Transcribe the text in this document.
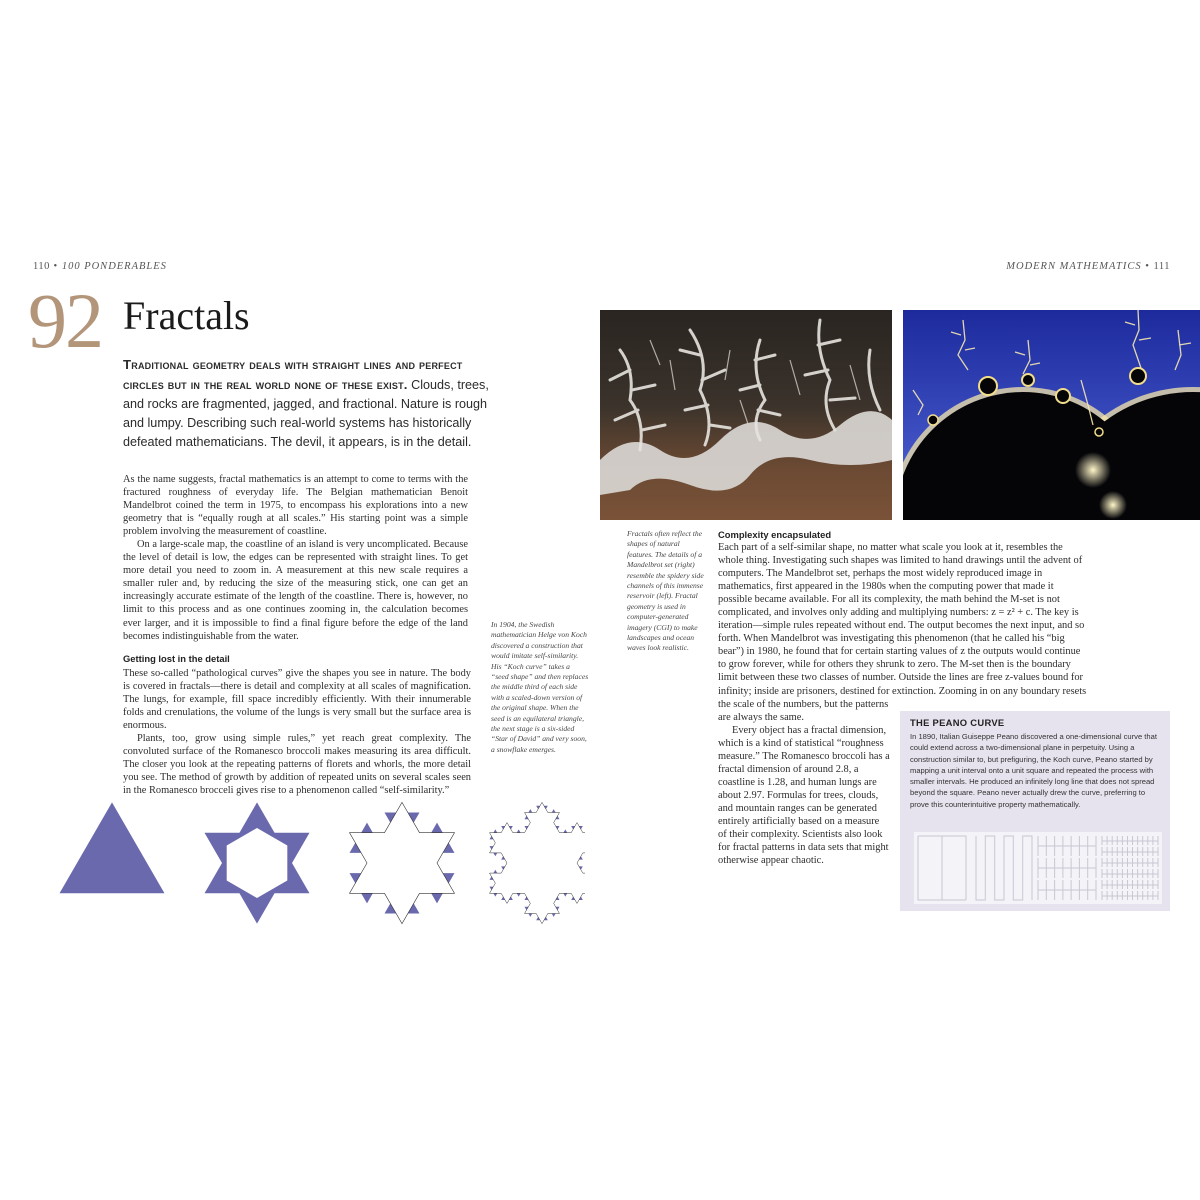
110 • 100 PONDERABLES	MODERN MATHEMATICS • 111
92 Fractals
Traditional geometry deals with straight lines and perfect circles but in the real world none of these exist. Clouds, trees, and rocks are fragmented, jagged, and fractional. Nature is rough and lumpy. Describing such real-world systems has historically defeated mathematicians. The devil, it appears, is in the detail.

As the name suggests, fractal mathematics is an attempt to come to terms with the fractured roughness of everyday life. The Belgian mathematician Benoit Mandelbrot coined the term in 1975, to encompass his explorations into a new geometry that is “equally rough at all scales.” His starting point was a simple problem involving the measurement of coastline.

On a large-scale map, the coastline of an island is very uncomplicated. Because the level of detail is low, the edges can be represented with straight lines. To get more detail you need to zoom in. A measurement at this new scale requires a smaller ruler and, by reducing the size of the measuring stick, one can get an increasingly accurate estimate of the length of the coastline. There is, however, no limit to this process and as one continues zooming in, the calculation becomes ever larger, and it is impossible to find a final figure before the edge of the land becomes indistinguishable from the water.

Getting lost in the detail

These so-called “pathological curves” give the shapes you see in nature. The body is covered in fractals—there is detail and complexity at all scales of magnification. The lungs, for example, fill space incredibly efficiently. With their innumerable folds and crenulations, the volume of the lungs is very small but the surface area is enormous.

Plants, too, grow using simple rules,” yet reach great complexity. The convoluted surface of the Romanesco broccoli makes measuring its area difficult. The closer you look at the repeating patterns of florets and whorls, the more detail you see. The method of growth by addition of repeated units on several scales seen in the Romanesco brocceli gives rise to a phenomenon called “self-similarity.”

In 1904, the Swedish mathematician Helge von Koch discovered a construction that would imitate self-similarity. His “Koch curve” takes a “seed shape” and then replaces the middle third of each side with a scaled-down version of the original shape. When the seed is an equilateral triangle, the next stage is a six-sided “Star of David” and very soon, a snowflake emerges.
Fractals often reflect the shapes of natural features. The details of a Mandelbrot set (right) resemble the spidery side channels of this immense reservoir (left). Fractal geometry is used in computer-generated imagery (CGI) to make landscapes and ocean waves look realistic.
Complexity encapsulated

Each part of a self-similar shape, no matter what scale you look at it, resembles the whole thing. Investigating such shapes was limited to hand drawings until the advent of computers. The Mandelbrot set, perhaps the most widely reproduced image in mathematics, first appeared in the 1980s when the computing power that made it possible became available. For all its complexity, the math behind the M-set is not complicated, and involves only adding and multiplying numbers: z = z² + c. The key is iteration—simple rules repeated without end. The output becomes the next input, and so forth. When Mandelbrot was investigating this phenomenon (that he called his “big bear”) in 1980, he found that for certain starting values of z the outputs would continue to grow forever, while for others they shrunk to zero. The M-set then is the boundary limit between these two classes of number. Outside the lines are free z-values bound for infinity; inside are prisoners, destined for extinction. Zooming in on any boundary resets the scale of the numbers, but the patterns are always the same.

Every object has a fractal dimension, which is a kind of statistical “roughness measure.” The Romanesco broccoli has a fractal dimension of around 2.8, a coastline is 1.28, and human lungs are about 2.97. Formulas for trees, clouds, and mountain ranges can be generated entirely artificially based on a measure of their complexity. Scientists also look for fractal patterns in data sets that might otherwise appear chaotic.

THE PEANO CURVE
In 1890, Italian Guiseppe Peano discovered a one-dimensional curve that could extend across a two-dimensional plane in perpetuity. Using a construction similar to, but prefiguring, the Koch curve, Peano started by mapping a unit interval onto a unit square and repeated the process with smaller intervals. He produced an infinitely long line that does not spread beyond the square. Peano never actually drew the curve, preferring to prove this counterintuitive property mathematically.
